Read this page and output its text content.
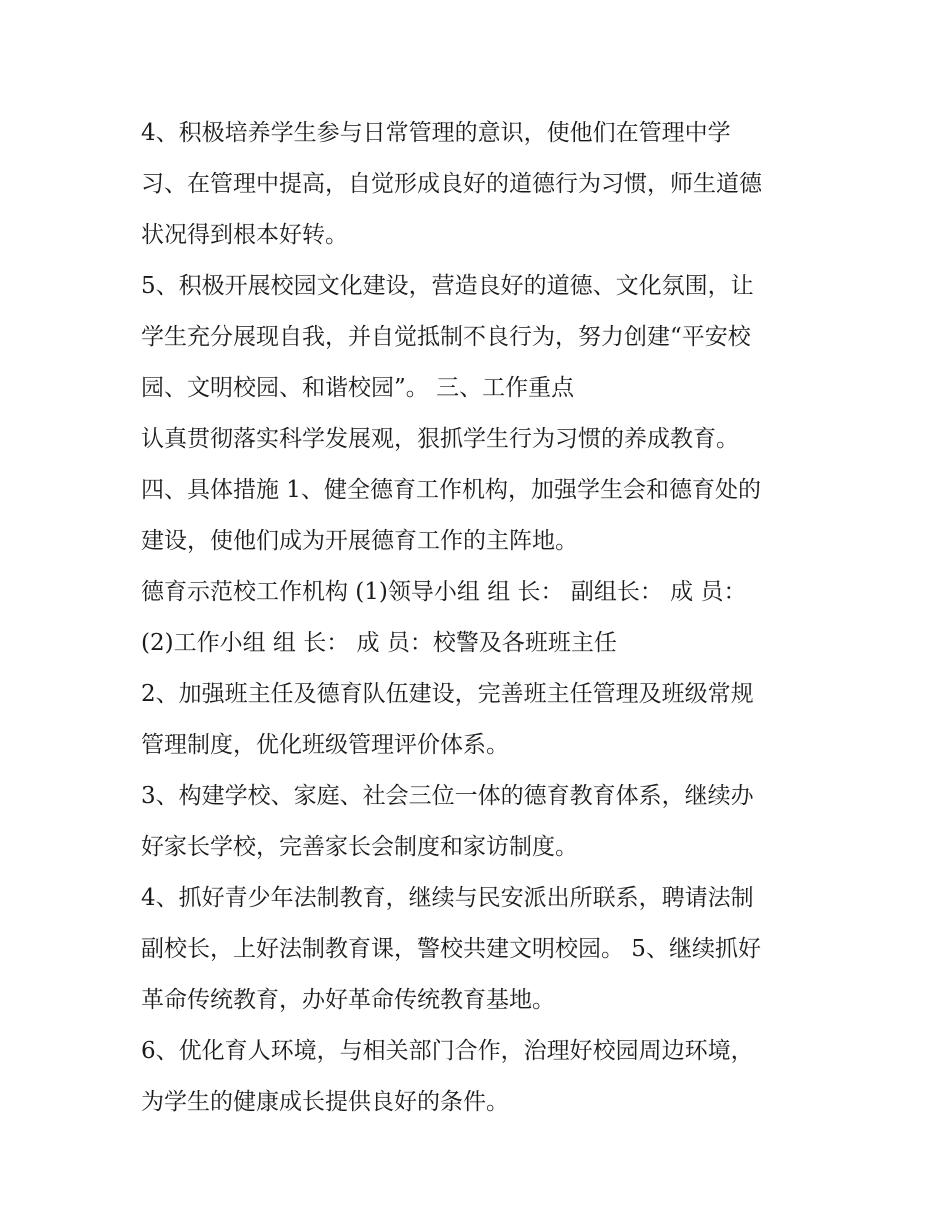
4、积极培养学生参与日常管理的意识，使他们在管理中学
习、在管理中提高，自觉形成良好的道德行为习惯，师生道德
状况得到根本好转。
5、积极开展校园文化建设，营造良好的道德、文化氛围，让
学生充分展现自我，并自觉抵制不良行为，努力创建“平安校
园、文明校园、和谐校园”。 三、工作重点
认真贯彻落实科学发展观，狠抓学生行为习惯的养成教育。
四、具体措施 1、健全德育工作机构，加强学生会和德育处的
建设，使他们成为开展德育工作的主阵地。
德育示范校工作机构 (1)领导小组 组 长： 副组长： 成 员：
(2)工作小组 组 长： 成 员：校警及各班班主任
2、加强班主任及德育队伍建设，完善班主任管理及班级常规
管理制度，优化班级管理评价体系。
3、构建学校、家庭、社会三位一体的德育教育体系，继续办
好家长学校，完善家长会制度和家访制度。
4、抓好青少年法制教育，继续与民安派出所联系，聘请法制
副校长，上好法制教育课，警校共建文明校园。 5、继续抓好
革命传统教育，办好革命传统教育基地。
6、优化育人环境，与相关部门合作，治理好校园周边环境，
为学生的健康成长提供良好的条件。
